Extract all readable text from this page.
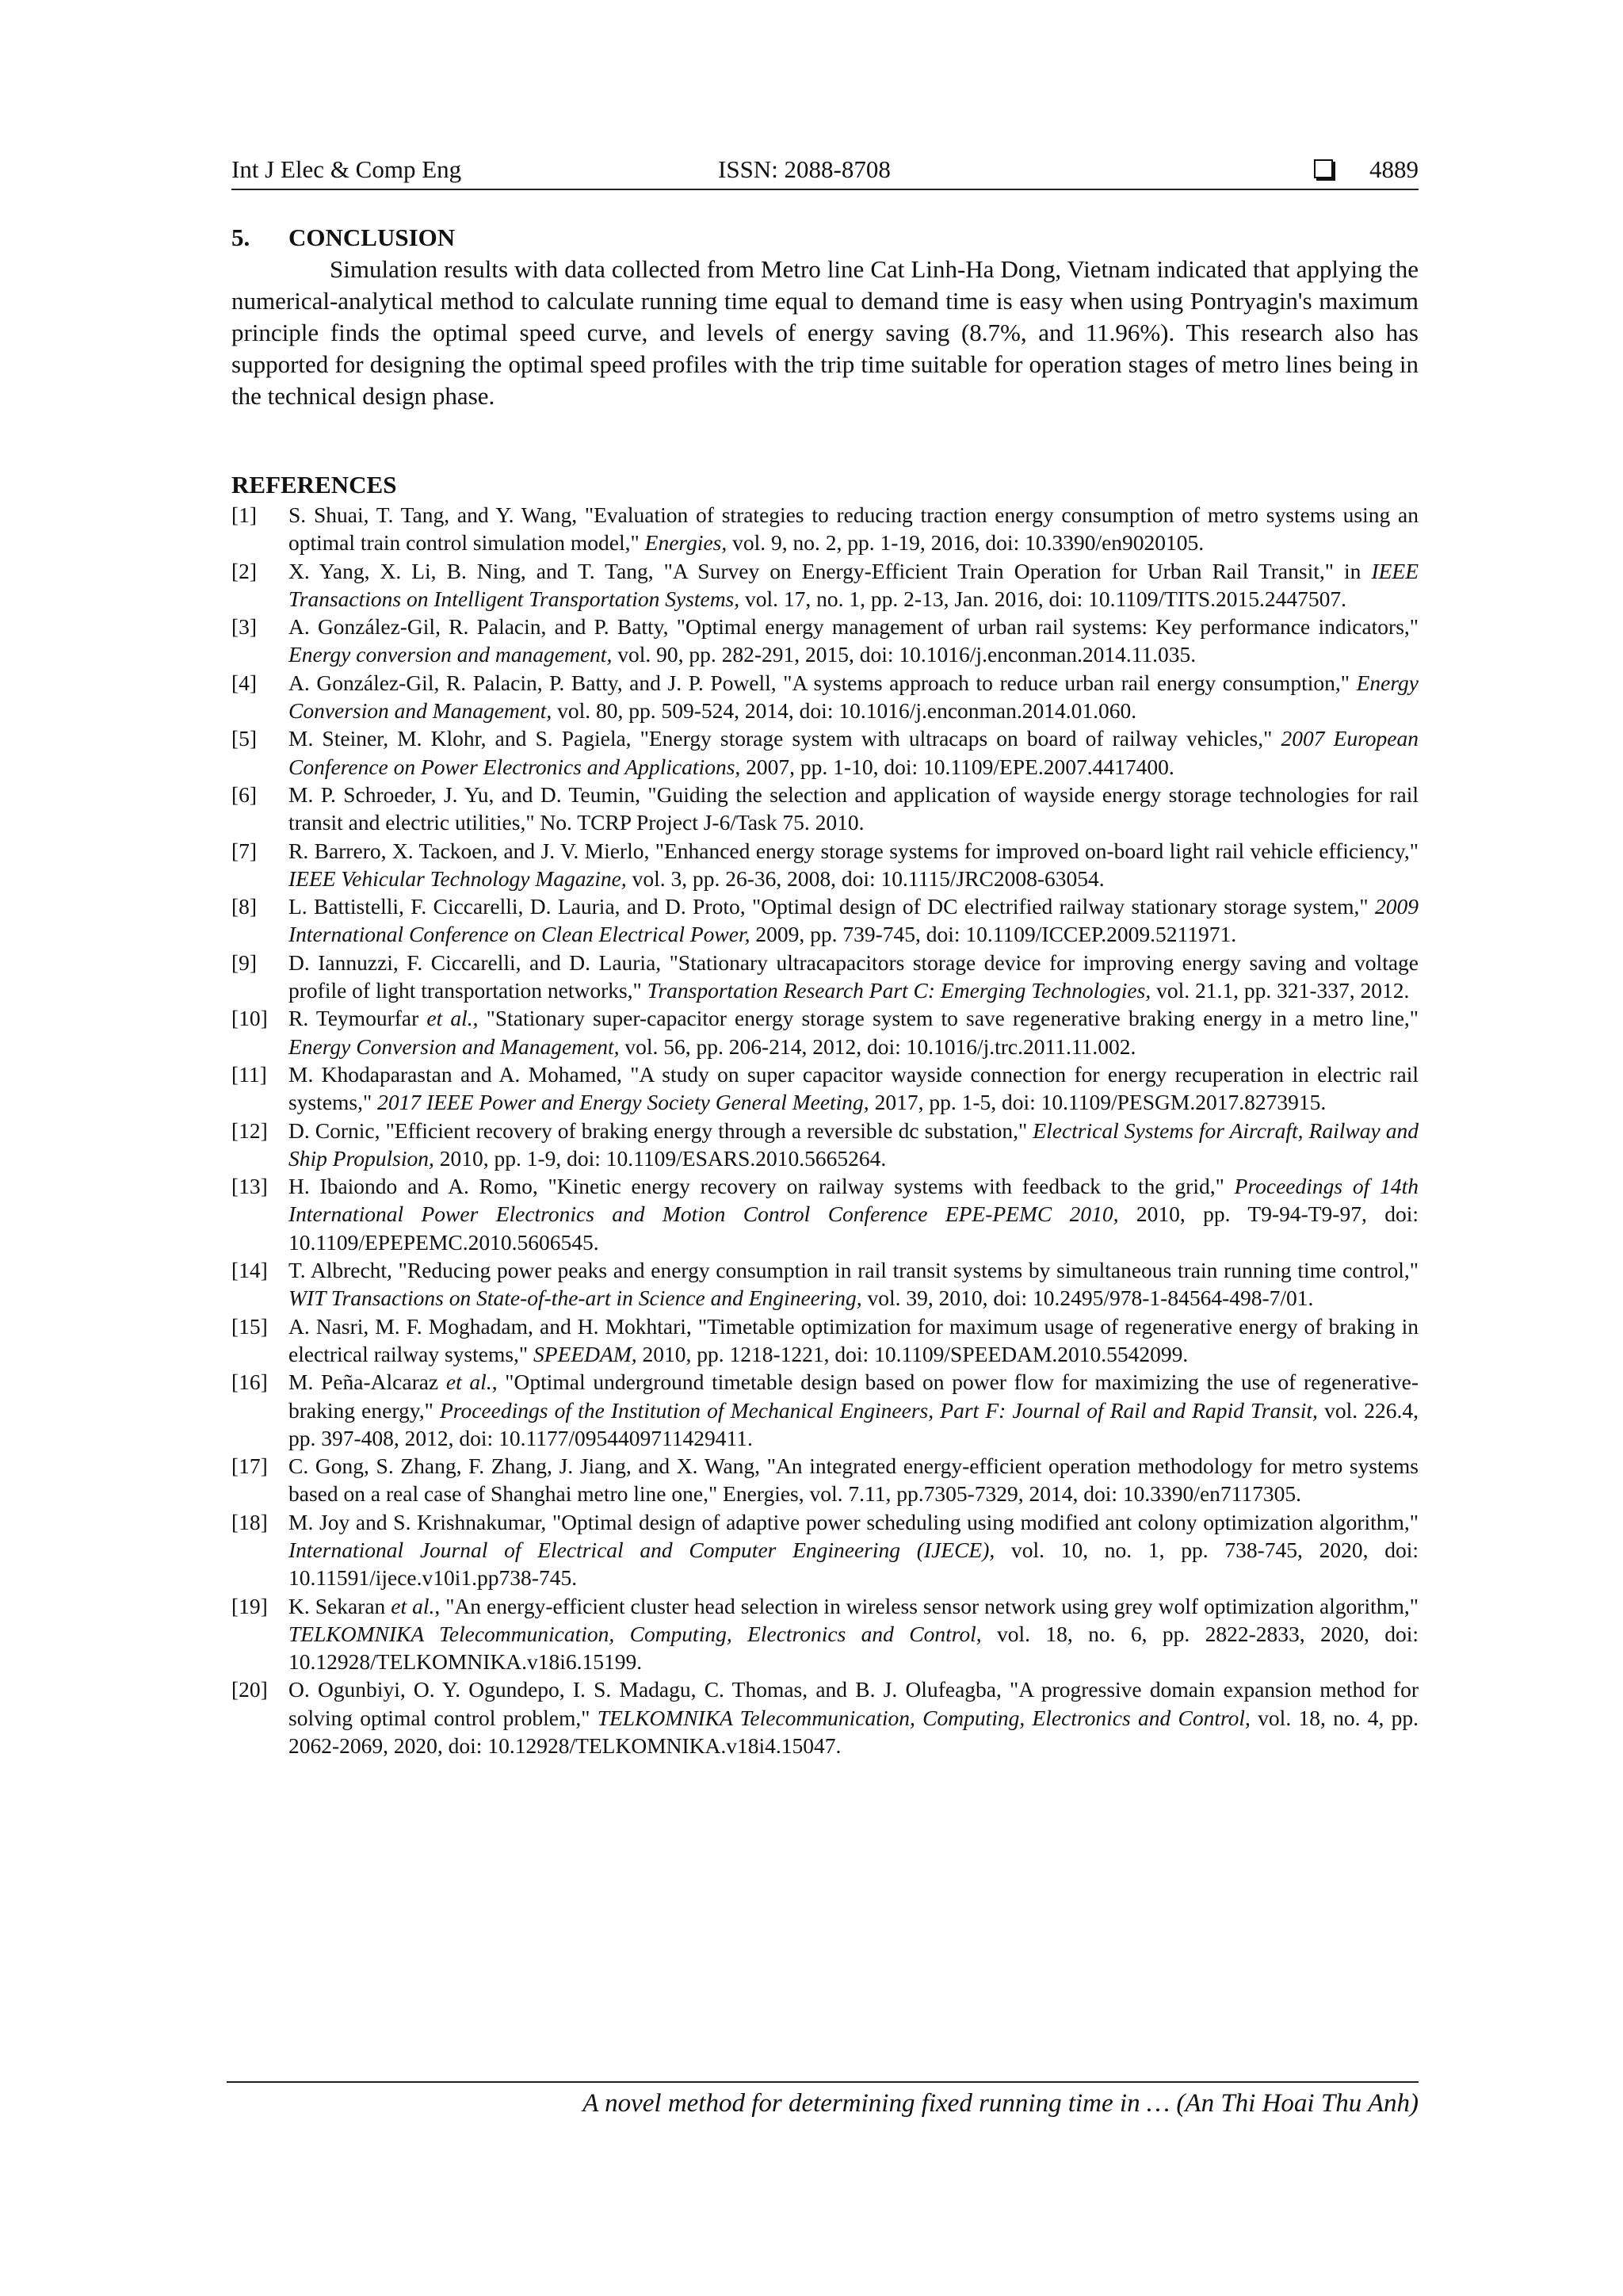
Int J Elec & Comp Eng	ISSN: 2088-8708	4889
5. CONCLUSION

Simulation results with data collected from Metro line Cat Linh-Ha Dong, Vietnam indicated that applying the numerical-analytical method to calculate running time equal to demand time is easy when using Pontryagin's maximum principle finds the optimal speed curve, and levels of energy saving (8.7%, and 11.96%). This research also has supported for designing the optimal speed profiles with the trip time suitable for operation stages of metro lines being in the technical design phase.

REFERENCES
[1] S. Shuai, T. Tang, and Y. Wang, "Evaluation of strategies to reducing traction energy consumption of metro systems using an optimal train control simulation model," Energies, vol. 9, no. 2, pp. 1-19, 2016, doi: 10.3390/en9020105.
[2] X. Yang, X. Li, B. Ning, and T. Tang, "A Survey on Energy-Efficient Train Operation for Urban Rail Transit," in IEEE Transactions on Intelligent Transportation Systems, vol. 17, no. 1, pp. 2-13, Jan. 2016, doi: 10.1109/TITS.2015.2447507.
[3] A. González-Gil, R. Palacin, and P. Batty, "Optimal energy management of urban rail systems: Key performance indicators," Energy conversion and management, vol. 90, pp. 282-291, 2015, doi: 10.1016/j.enconman.2014.11.035.
[4] A. González-Gil, R. Palacin, P. Batty, and J. P. Powell, "A systems approach to reduce urban rail energy consumption," Energy Conversion and Management, vol. 80, pp. 509-524, 2014, doi: 10.1016/j.enconman.2014.01.060.
[5] M. Steiner, M. Klohr, and S. Pagiela, "Energy storage system with ultracaps on board of railway vehicles," 2007 European Conference on Power Electronics and Applications, 2007, pp. 1-10, doi: 10.1109/EPE.2007.4417400.
[6] M. P. Schroeder, J. Yu, and D. Teumin, "Guiding the selection and application of wayside energy storage technologies for rail transit and electric utilities," No. TCRP Project J-6/Task 75. 2010.
[7] R. Barrero, X. Tackoen, and J. V. Mierlo, "Enhanced energy storage systems for improved on-board light rail vehicle efficiency," IEEE Vehicular Technology Magazine, vol. 3, pp. 26-36, 2008, doi: 10.1115/JRC2008-63054.
[8] L. Battistelli, F. Ciccarelli, D. Lauria, and D. Proto, "Optimal design of DC electrified railway stationary storage system," 2009 International Conference on Clean Electrical Power, 2009, pp. 739-745, doi: 10.1109/ICCEP.2009.5211971.
[9] D. Iannuzzi, F. Ciccarelli, and D. Lauria, "Stationary ultracapacitors storage device for improving energy saving and voltage profile of light transportation networks," Transportation Research Part C: Emerging Technologies, vol. 21.1, pp. 321-337, 2012.
[10] R. Teymourfar et al., "Stationary super-capacitor energy storage system to save regenerative braking energy in a metro line," Energy Conversion and Management, vol. 56, pp. 206-214, 2012, doi: 10.1016/j.trc.2011.11.002.
[11] M. Khodaparastan and A. Mohamed, "A study on super capacitor wayside connection for energy recuperation in electric rail systems," 2017 IEEE Power and Energy Society General Meeting, 2017, pp. 1-5, doi: 10.1109/PESGM.2017.8273915.
[12] D. Cornic, "Efficient recovery of braking energy through a reversible dc substation," Electrical Systems for Aircraft, Railway and Ship Propulsion, 2010, pp. 1-9, doi: 10.1109/ESARS.2010.5665264.
[13] H. Ibaiondo and A. Romo, "Kinetic energy recovery on railway systems with feedback to the grid," Proceedings of 14th International Power Electronics and Motion Control Conference EPE-PEMC 2010, 2010, pp. T9-94-T9-97, doi: 10.1109/EPEPEMC.2010.5606545.
[14] T. Albrecht, "Reducing power peaks and energy consumption in rail transit systems by simultaneous train running time control," WIT Transactions on State-of-the-art in Science and Engineering, vol. 39, 2010, doi: 10.2495/978-1-84564-498-7/01.
[15] A. Nasri, M. F. Moghadam, and H. Mokhtari, "Timetable optimization for maximum usage of regenerative energy of braking in electrical railway systems," SPEEDAM, 2010, pp. 1218-1221, doi: 10.1109/SPEEDAM.2010.5542099.
[16] M. Peña-Alcaraz et al., "Optimal underground timetable design based on power flow for maximizing the use of regenerative-braking energy," Proceedings of the Institution of Mechanical Engineers, Part F: Journal of Rail and Rapid Transit, vol. 226.4, pp. 397-408, 2012, doi: 10.1177/0954409711429411.
[17] C. Gong, S. Zhang, F. Zhang, J. Jiang, and X. Wang, "An integrated energy-efficient operation methodology for metro systems based on a real case of Shanghai metro line one," Energies, vol. 7.11, pp.7305-7329, 2014, doi: 10.3390/en7117305.
[18] M. Joy and S. Krishnakumar, "Optimal design of adaptive power scheduling using modified ant colony optimization algorithm," International Journal of Electrical and Computer Engineering (IJECE), vol. 10, no. 1, pp. 738-745, 2020, doi: 10.11591/ijece.v10i1.pp738-745.
[19] K. Sekaran et al., "An energy-efficient cluster head selection in wireless sensor network using grey wolf optimization algorithm," TELKOMNIKA Telecommunication, Computing, Electronics and Control, vol. 18, no. 6, pp. 2822-2833, 2020, doi: 10.12928/TELKOMNIKA.v18i6.15199.
[20] O. Ogunbiyi, O. Y. Ogundepo, I. S. Madagu, C. Thomas, and B. J. Olufeagba, "A progressive domain expansion method for solving optimal control problem," TELKOMNIKA Telecommunication, Computing, Electronics and Control, vol. 18, no. 4, pp. 2062-2069, 2020, doi: 10.12928/TELKOMNIKA.v18i4.15047.
A novel method for determining fixed running time in … (An Thi Hoai Thu Anh)
